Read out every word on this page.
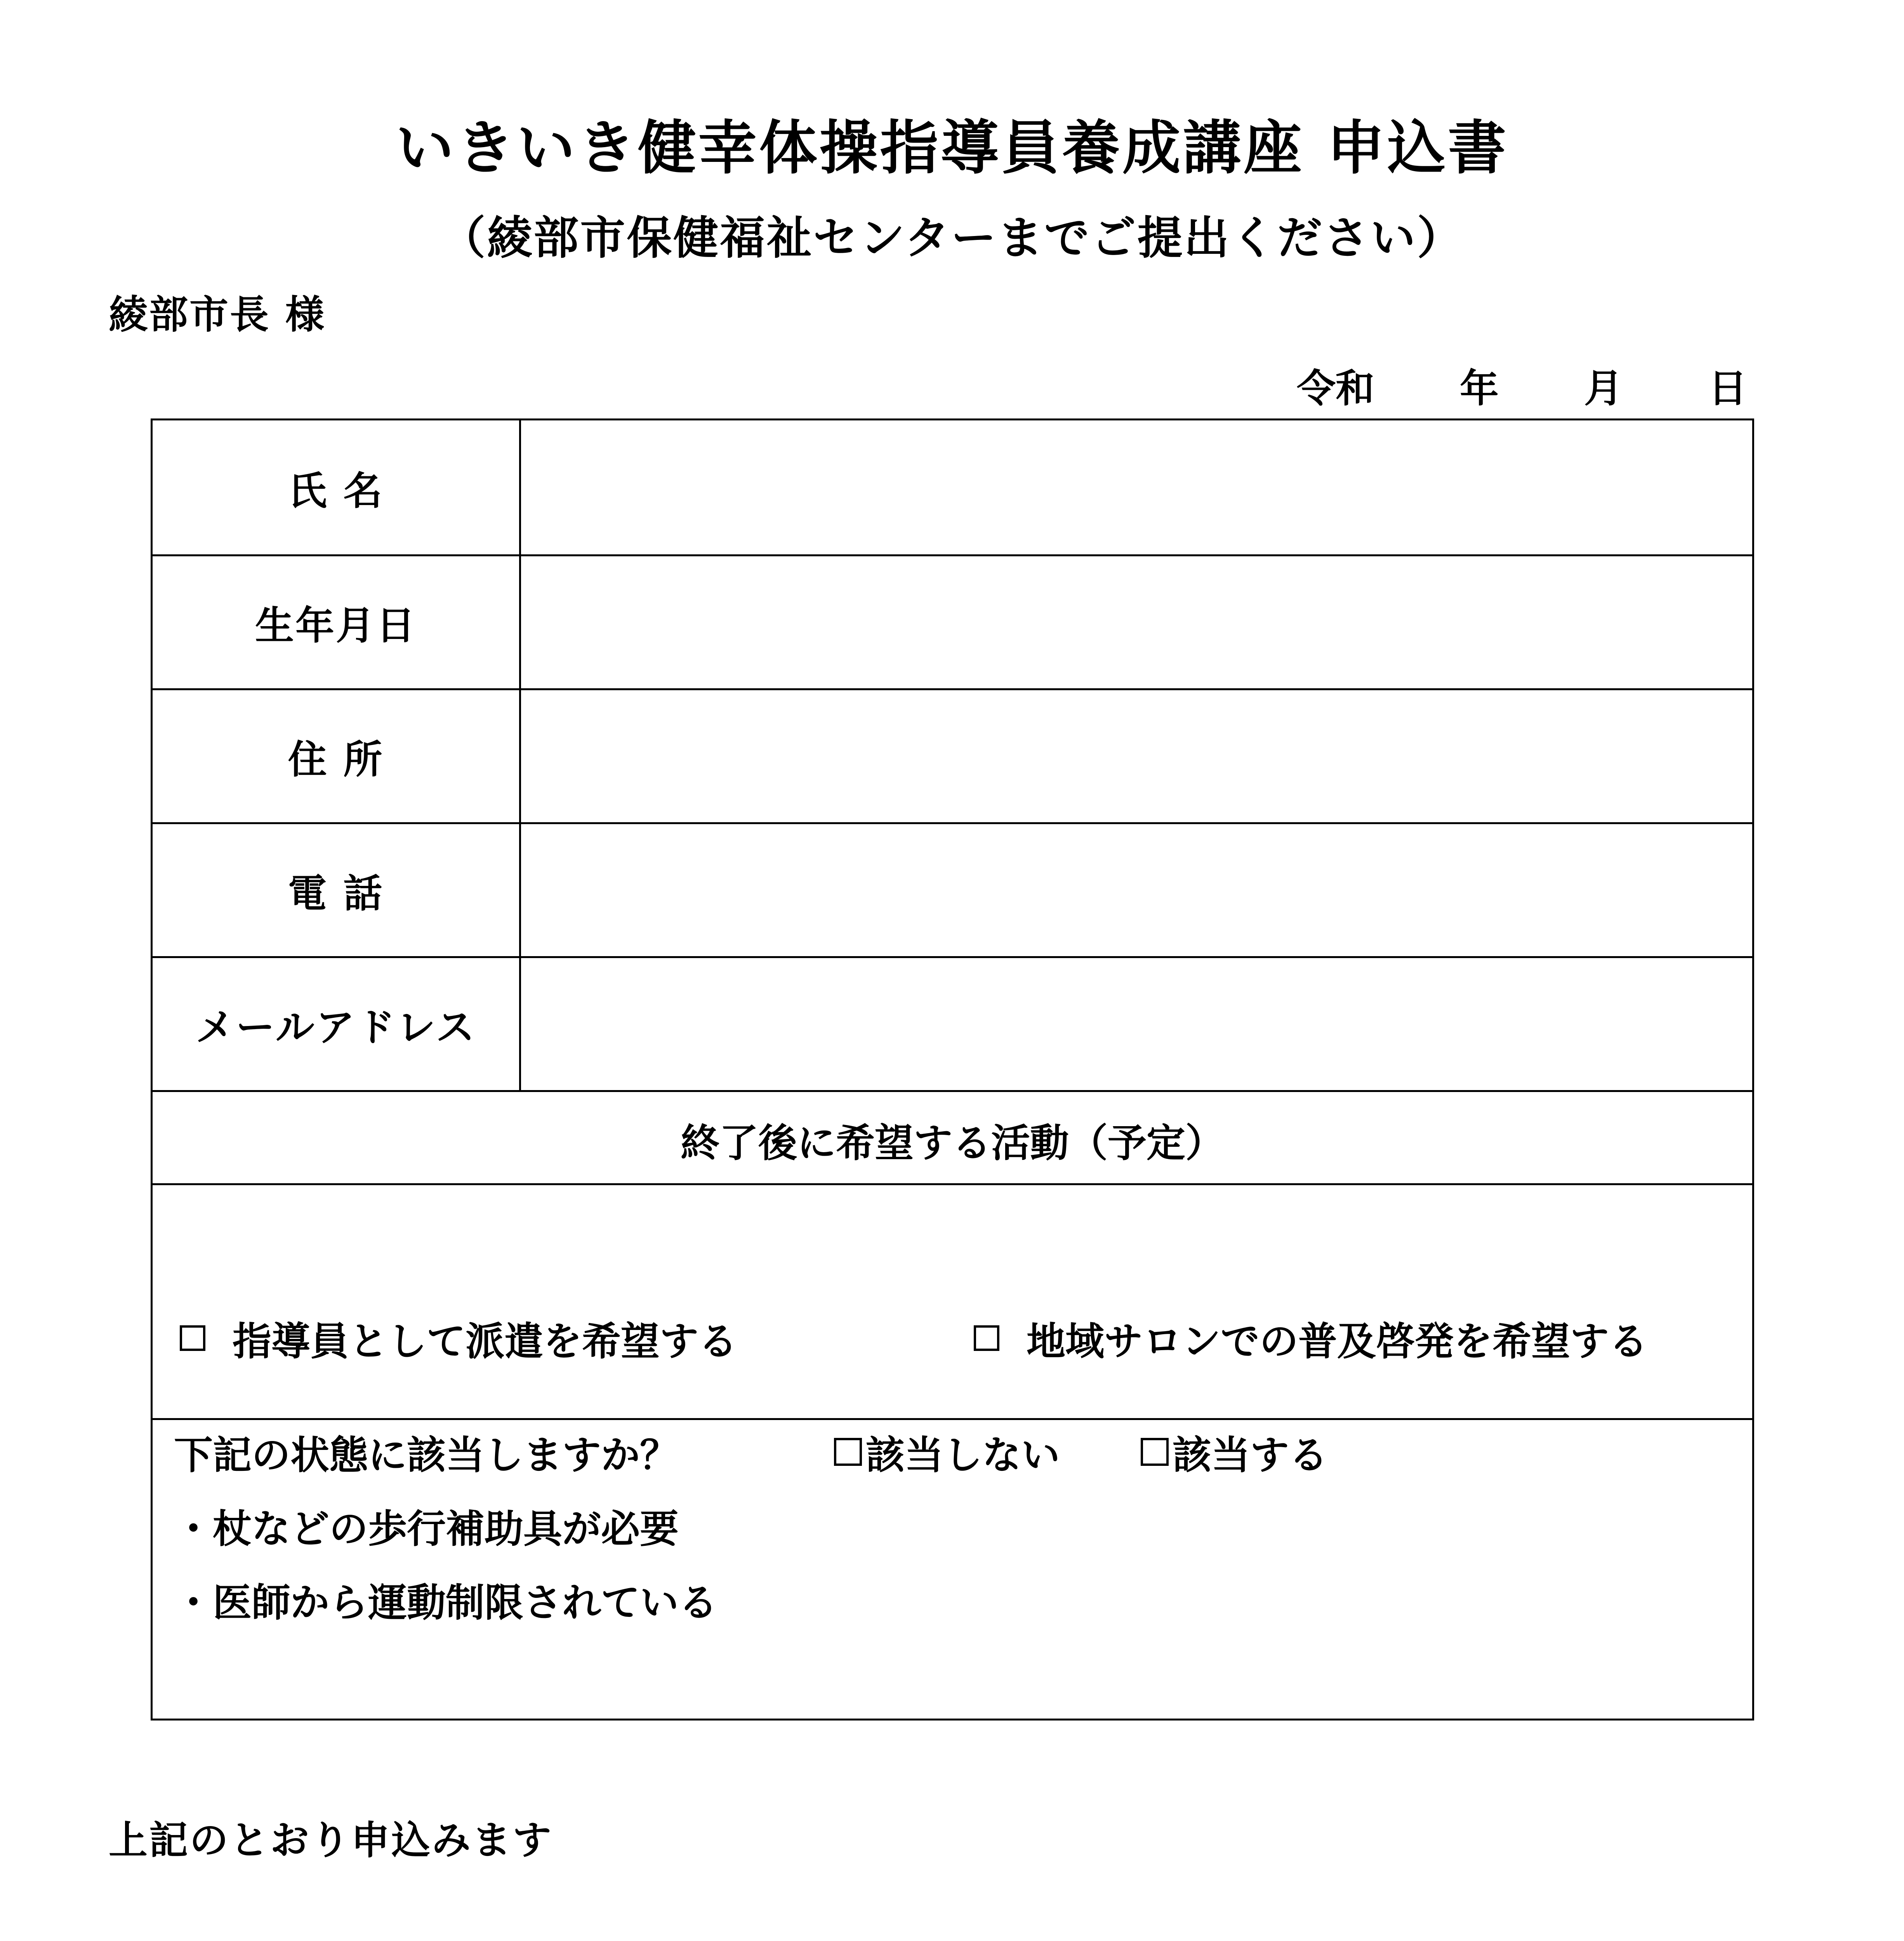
いきいき健幸体操指導員養成講座 申込書
（綾部市保健福祉センターまでご提出ください）
綾部市長 様
令和 年 月 日
氏 名
生年月日
住 所
電 話
メールアドレス
終了後に希望する活動（予定）
指導員として派遣を希望する	地域サロンでの普及啓発を希望する
下記の状態に該当しますか？	該当しない	該当する
・杖などの歩行補助具が必要
・医師から運動制限されている
上記のとおり申込みます
